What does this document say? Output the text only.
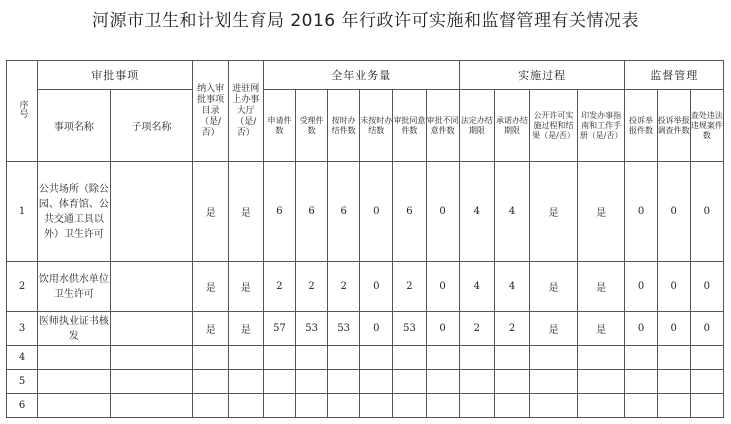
河源市卫生和计划生育局 2016 年行政许可实施和监督管理有关情况表
序号	审批事项		纳入审批事项目录（是/否）	进驻网上办事大厅（是/否）	全年业务量						实施过程				监督管理		
	事项名称	子项名称			申请件数	受理件数	按时办结件数	未按时办结数	审批同意件数	审批不同意件数	法定办结期限	承诺办结期限	公开许可实施过程和结果（是/否）	印发办事指南和工作手册（是/否）	投诉举报件数	投诉举报调查件数	查处违法违规案件数
1	公共场所（除公园、体育馆、公共交通工具以外）卫生许可		是	是	6	6	6	0	6	0	4	4	是	是	0	0	0
2	饮用水供水单位卫生许可		是	是	2	2	2	0	2	0	4	4	是	是	0	0	0
3	医师执业证书核发		是	是	57	53	53	0	53	0	2	2	是	是	0	0	0
4																	
5																	
6																	
